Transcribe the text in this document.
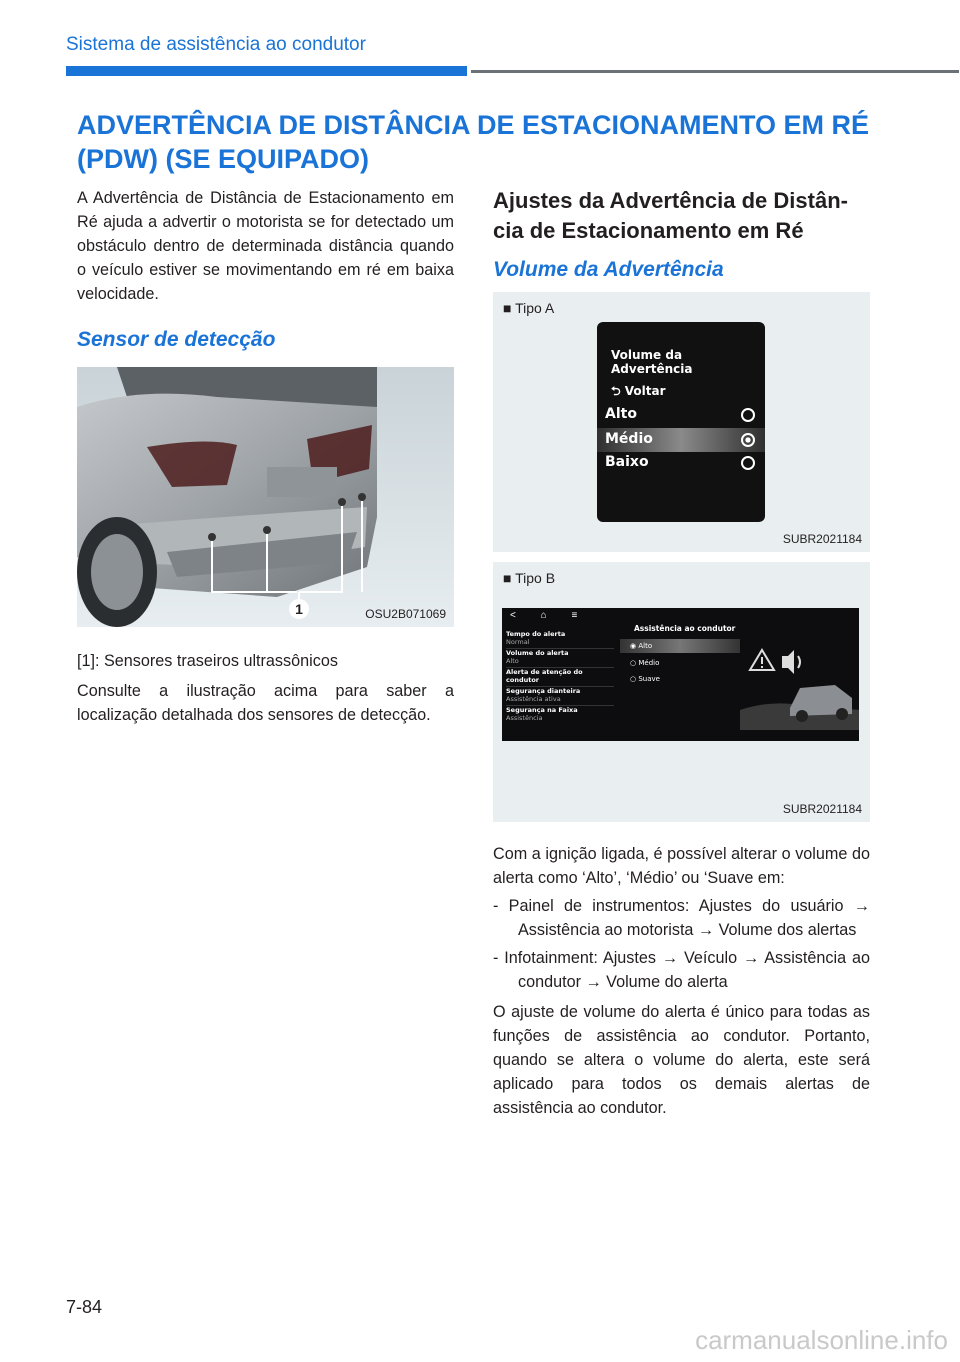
Sistema de assistência ao condutor
ADVERTÊNCIA DE DISTÂNCIA DE ESTACIONAMENTO EM RÉ
(PDW) (SE EQUIPADO)

A Advertência de Distância de Estacionamento em Ré ajuda a advertir o motorista se for detectado um obstáculo dentro de determinada distância quando o veículo estiver se movimentando em ré em baixa velocidade.

Sensor de detecção
1	OSU2B071069

[1]: Sensores traseiros ultrassônicos

Consulte a ilustração acima para saber a localização detalhada dos sensores de detecção.

Ajustes da Advertência de Distân-
cia de Estacionamento em Ré
Volume da Advertência
■ Tipo A
Volume da Advertência
⮌ Voltar
Alto
Médio
Baixo
SUBR2021184
■ Tipo B
< ⌂ ≡
Tempo do alerta
Normal
Volume do alerta
Alto
Alerta de atenção do condutor
Segurança dianteira
Assistência ativa
Segurança na Faixa
Assistência
Assistência ao condutor
◉ Alto
○ Médio
○ Suave
SUBR2021184

Com a ignição ligada, é possível alterar o volume do alerta como ‘Alto’, ‘Médio’ ou ‘Suave em:

- Painel de instrumentos: Ajustes do usuário → Assistência ao motorista → Volume dos alertas

- Infotainment: Ajustes → Veículo → Assistência ao condutor → Volume do alerta

O ajuste de volume do alerta é único para todas as funções de assistência ao condutor. Portanto, quando se altera o volume do alerta, este será aplicado para todos os demais alertas de assistência ao condutor.

7-84
carmanualsonline.info
